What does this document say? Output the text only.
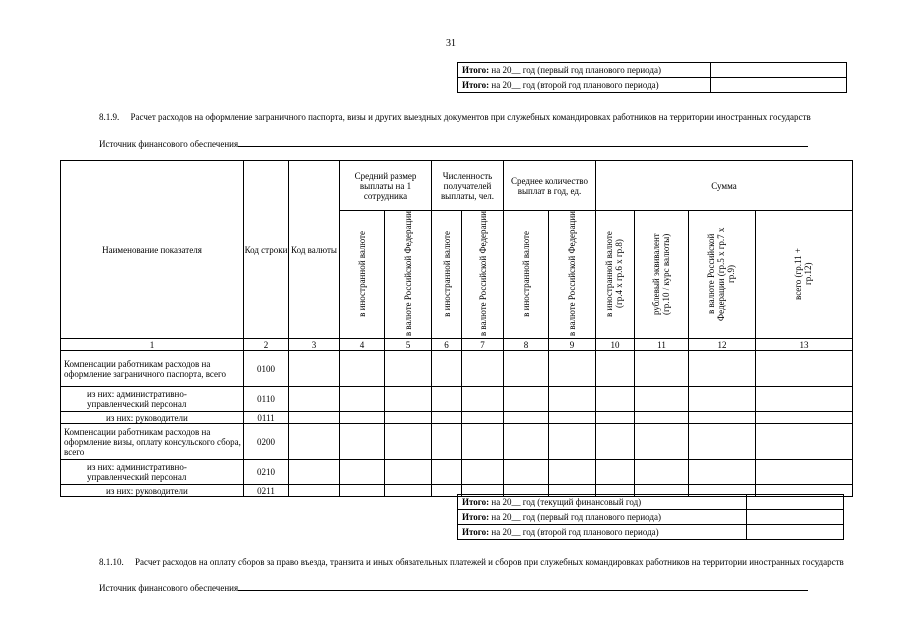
31
Итого: на 20__ год (первый год планового периода)	
Итого: на 20__ год (второй год планового периода)	
8.1.9. Расчет расходов на оформление заграничного паспорта, визы и других выездных документов при служебных командировках работников на территории иностранных государств
Источник финансового обеспечения
Наименование показателя	Код строки	Код валюты	Средний размер выплаты на 1 сотрудника		Численность получателей выплаты, чел.		Среднее количество выплат в год, ед.		Сумма			
			в иностранной валюте	в валюте Российской Федерации	в иностранной валюте	в валюте Российской Федерации	в иностранной валюте	в валюте Российской Федерации	в иностранной валюте (гр.4 х гр.6 х гр.8)	рублевый эквивалент (гр.10 / курс валюты)	в валюте Российской Федерации (гр.5 х гр.7 х гр.9)	всего (гр.11 + гр.12)
1	2	3	4	5	6	7	8	9	10	11	12	13
Компенсации работникам расходов на оформление заграничного паспорта, всего	0100											
из них: административно-управленческий персонал	0110											
из них: руководители	0111											
Компенсации работникам расходов на оформление визы, оплату консульского сбора, всего	0200											
из них: административно-управленческий персонал	0210											
из них: руководители	0211											
Итого: на 20__ год (текущий финансовый год)	
Итого: на 20__ год (первый год планового периода)	
Итого: на 20__ год (второй год планового периода)	
8.1.10. Расчет расходов на оплату сборов за право въезда, транзита и иных обязательных платежей и сборов при служебных командировках работников на территории иностранных государств
Источник финансового обеспечения
